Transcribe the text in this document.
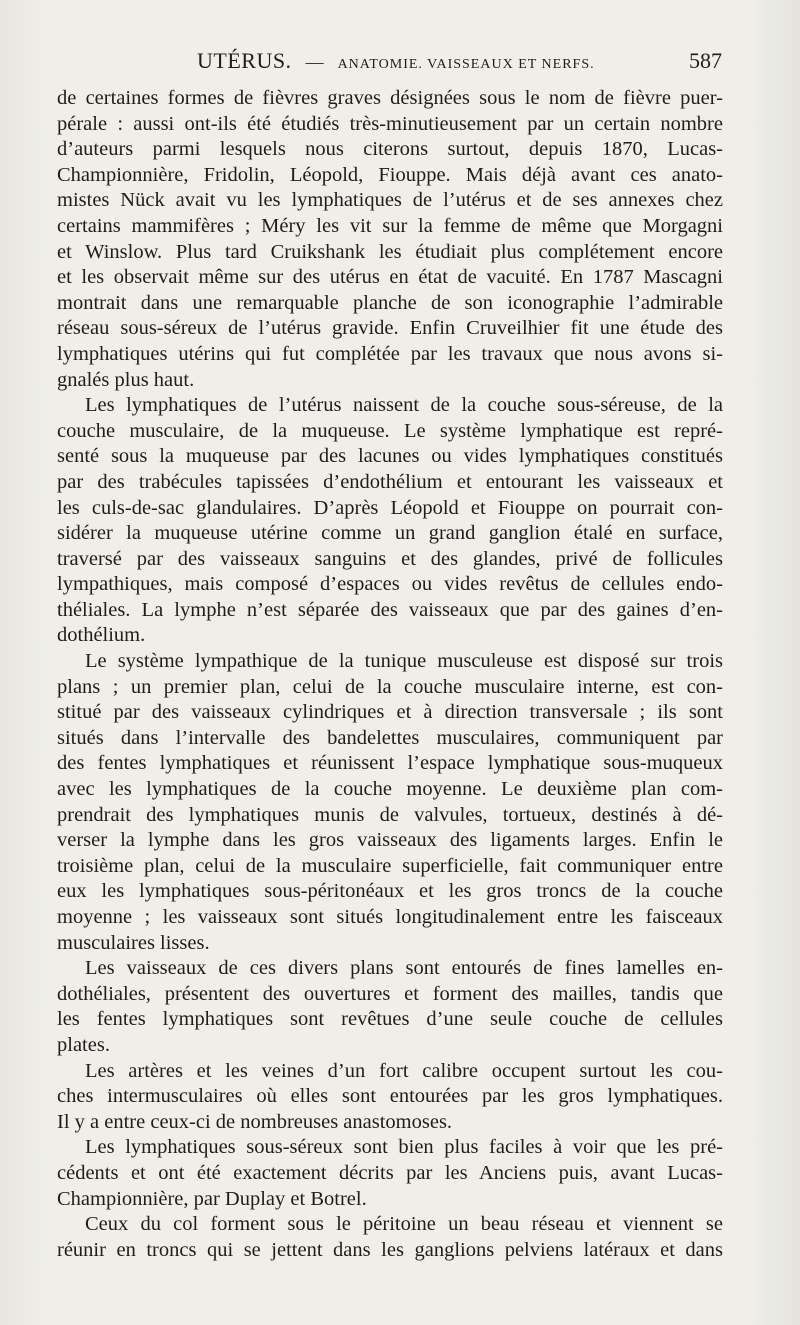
UTÉRUS. — ANATOMIE. VAISSEAUX ET NERFS.	587
de certaines formes de fièvres graves désignées sous le nom de fièvre puer-
pérale : aussi ont-ils été étudiés très-minutieusement par un certain nombre
d’auteurs parmi lesquels nous citerons surtout, depuis 1870, Lucas-
Championnière, Fridolin, Léopold, Fiouppe. Mais déjà avant ces anato-
mistes Nück avait vu les lymphatiques de l’utérus et de ses annexes chez
certains mammifères ; Méry les vit sur la femme de même que Morgagni
et Winslow. Plus tard Cruikshank les étudiait plus complétement encore
et les observait même sur des utérus en état de vacuité. En 1787 Mascagni
montrait dans une remarquable planche de son iconographie l’admirable
réseau sous-séreux de l’utérus gravide. Enfin Cruveilhier fit une étude des
lymphatiques utérins qui fut complétée par les travaux que nous avons si-
gnalés plus haut.
Les lymphatiques de l’utérus naissent de la couche sous-séreuse, de la
couche musculaire, de la muqueuse. Le système lymphatique est repré-
senté sous la muqueuse par des lacunes ou vides lymphatiques constitués
par des trabécules tapissées d’endothélium et entourant les vaisseaux et
les culs-de-sac glandulaires. D’après Léopold et Fiouppe on pourrait con-
sidérer la muqueuse utérine comme un grand ganglion étalé en surface,
traversé par des vaisseaux sanguins et des glandes, privé de follicules
lympathiques, mais composé d’espaces ou vides revêtus de cellules endo-
théliales. La lymphe n’est séparée des vaisseaux que par des gaines d’en-
dothélium.
Le système lympathique de la tunique musculeuse est disposé sur trois
plans ; un premier plan, celui de la couche musculaire interne, est con-
stitué par des vaisseaux cylindriques et à direction transversale ; ils sont
situés dans l’intervalle des bandelettes musculaires, communiquent par
des fentes lymphatiques et réunissent l’espace lymphatique sous-muqueux
avec les lymphatiques de la couche moyenne. Le deuxième plan com-
prendrait des lymphatiques munis de valvules, tortueux, destinés à dé-
verser la lymphe dans les gros vaisseaux des ligaments larges. Enfin le
troisième plan, celui de la musculaire superficielle, fait communiquer entre
eux les lymphatiques sous-péritonéaux et les gros troncs de la couche
moyenne ; les vaisseaux sont situés longitudinalement entre les faisceaux
musculaires lisses.
Les vaisseaux de ces divers plans sont entourés de fines lamelles en-
dothéliales, présentent des ouvertures et forment des mailles, tandis que
les fentes lymphatiques sont revêtues d’une seule couche de cellules
plates.
Les artères et les veines d’un fort calibre occupent surtout les cou-
ches intermusculaires où elles sont entourées par les gros lymphatiques.
Il y a entre ceux-ci de nombreuses anastomoses.
Les lymphatiques sous-séreux sont bien plus faciles à voir que les pré-
cédents et ont été exactement décrits par les Anciens puis, avant Lucas-
Championnière, par Duplay et Botrel.
Ceux du col forment sous le péritoine un beau réseau et viennent se
réunir en troncs qui se jettent dans les ganglions pelviens latéraux et dans
